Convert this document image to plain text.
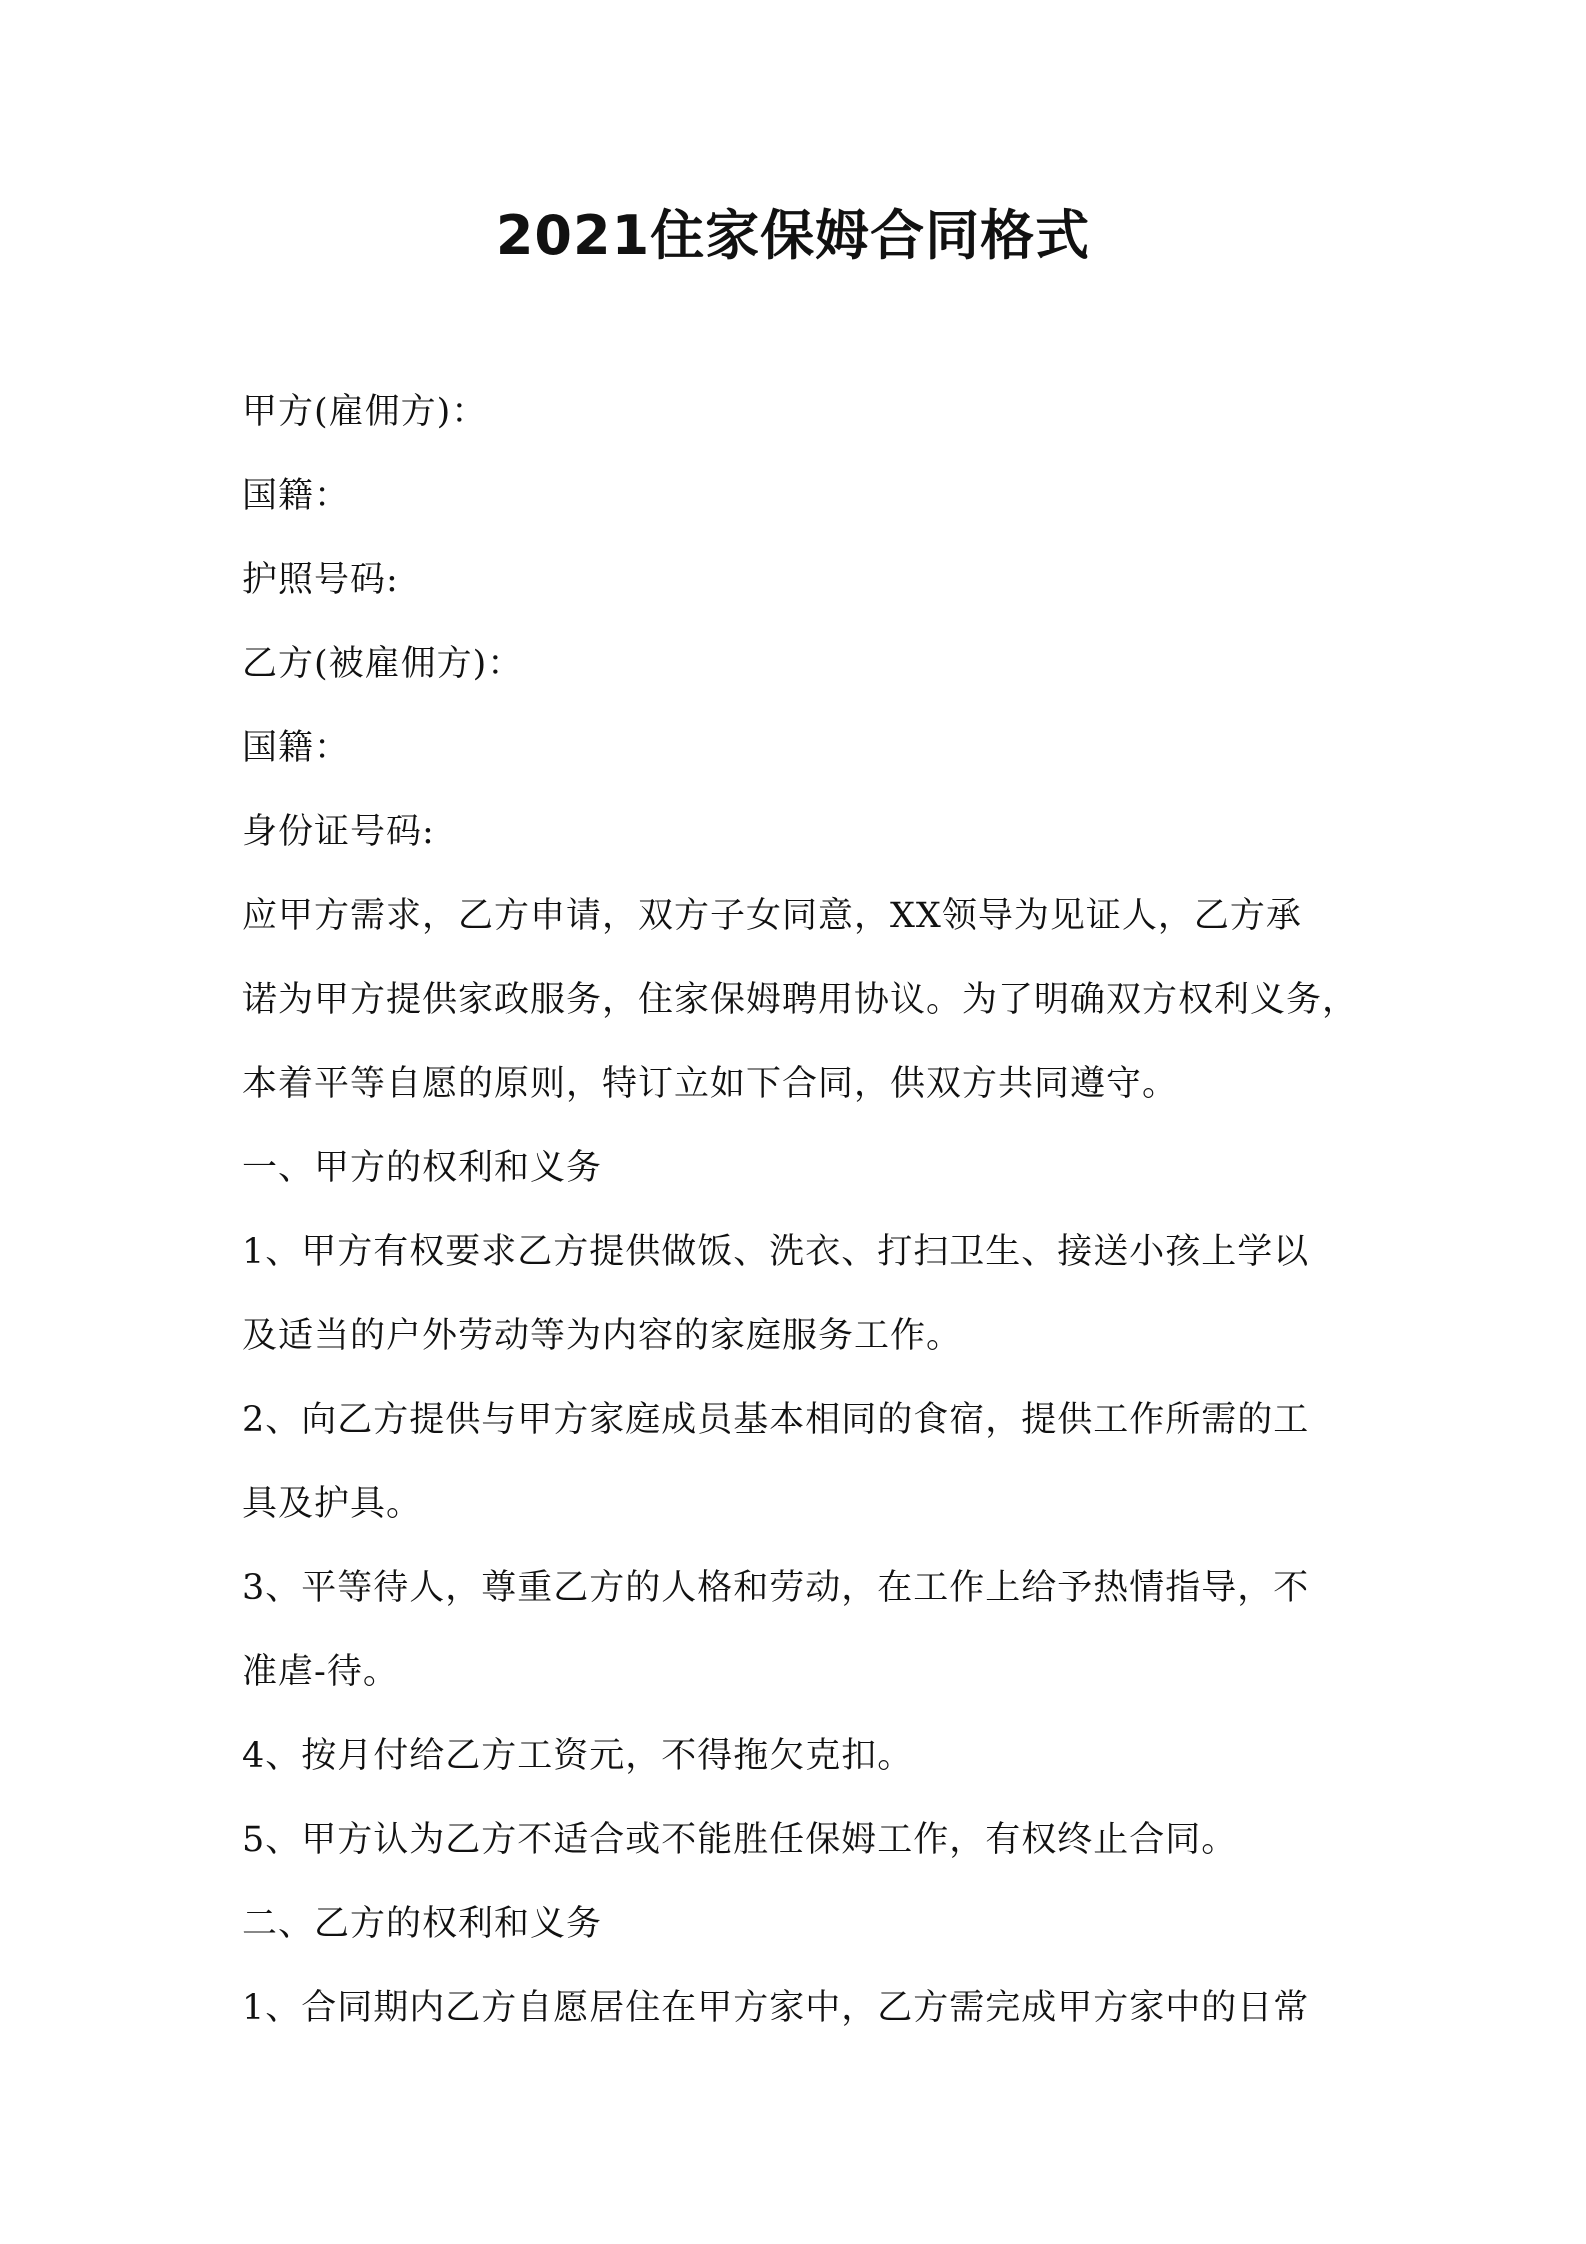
2021住家保姆合同格式
甲方(雇佣方)：
国籍：
护照号码:
乙方(被雇佣方)：
国籍：
身份证号码:
应甲方需求，乙方申请，双方子女同意，XX领导为见证人，乙方承
诺为甲方提供家政服务，住家保姆聘用协议。为了明确双方权利义务，
本着平等自愿的原则，特订立如下合同，供双方共同遵守。
一、甲方的权利和义务
1、甲方有权要求乙方提供做饭、洗衣、打扫卫生、接送小孩上学以
及适当的户外劳动等为内容的家庭服务工作。
2、向乙方提供与甲方家庭成员基本相同的食宿，提供工作所需的工
具及护具。
3、平等待人，尊重乙方的人格和劳动，在工作上给予热情指导，不
准虐-待。
4、按月付给乙方工资元，不得拖欠克扣。
5、甲方认为乙方不适合或不能胜任保姆工作，有权终止合同。
二、乙方的权利和义务
1、合同期内乙方自愿居住在甲方家中，乙方需完成甲方家中的日常
